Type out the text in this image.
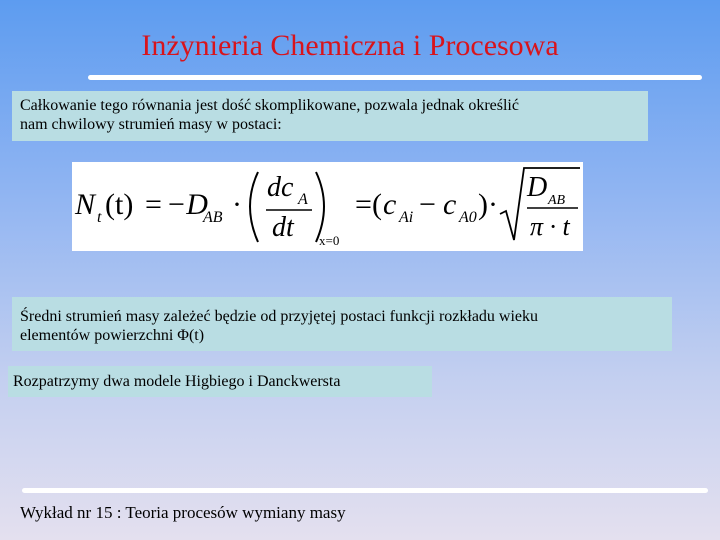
Inżynieria Chemiczna i Procesowa

Całkowanie tego równania jest dość skomplikowane, pozwala jednak określić

nam chwilowy strumień masy w postaci:

N t (t) = −D
AB ·
dc A
dt x=0
= ( c Ai − c A0 ) ·
D AB
π · t

Średni strumień masy zależeć będzie od przyjętej postaci funkcji rozkładu wieku

elementów powierzchni Φ(t)

Rozpatrzymy dwa modele Higbiego i Danckwersta
Wykład nr 15 : Teoria procesów wymiany masy
